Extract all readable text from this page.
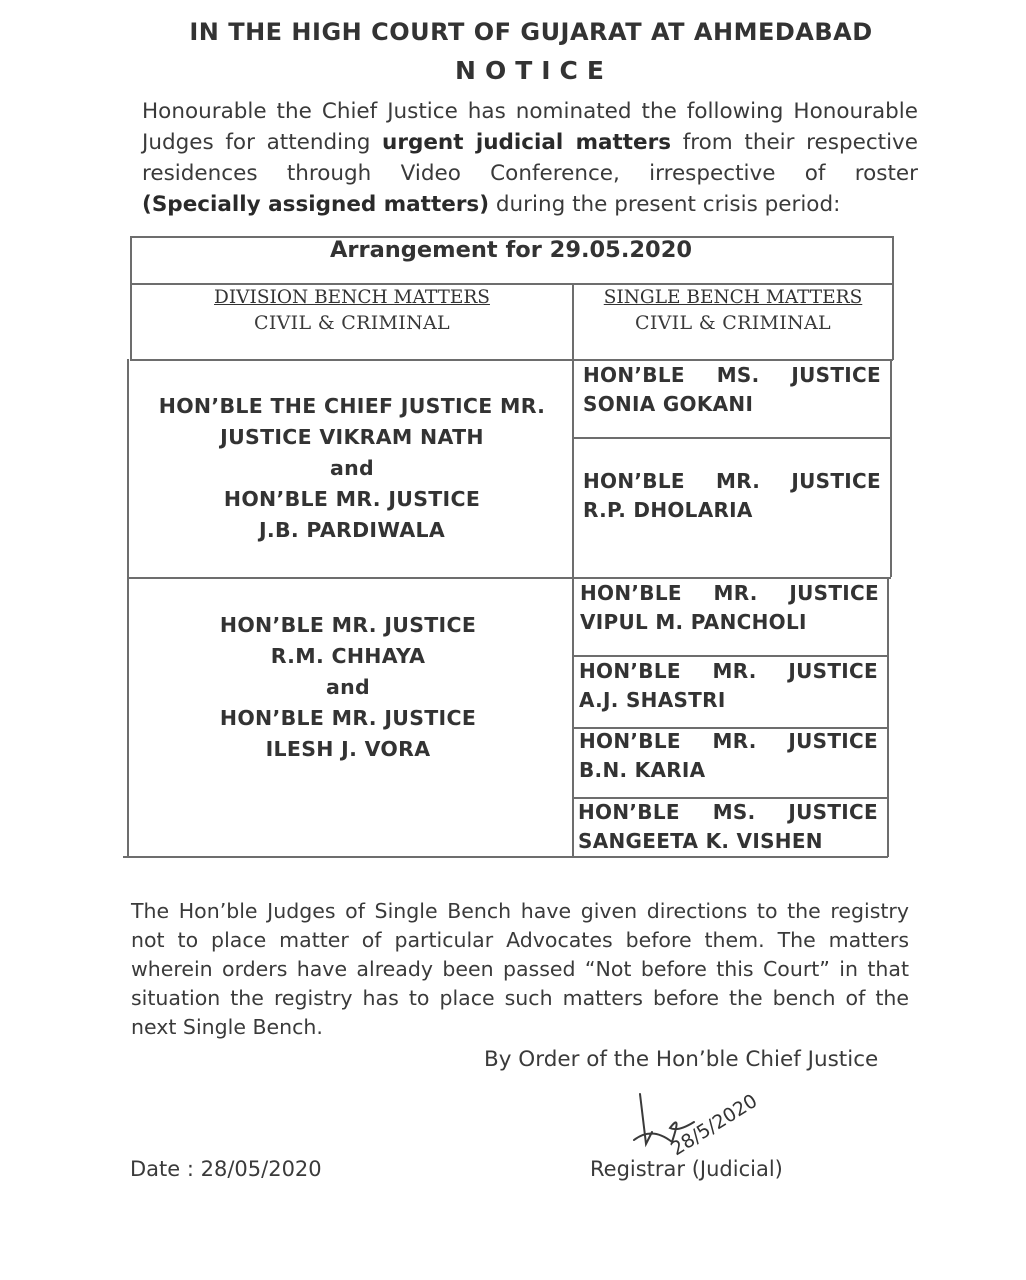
IN THE HIGH COURT OF GUJARAT AT AHMEDABAD
NOTICE
Honourable the Chief Justice has nominated the following Honourable Judges for attending urgent judicial matters from their respective residences through Video Conference, irrespective of roster
(Specially assigned matters) during the present crisis period:
Arrangement for 29.05.2020
DIVISION BENCH MATTERS
CIVIL & CRIMINAL
SINGLE BENCH MATTERS
CIVIL & CRIMINAL
HON’BLE THE CHIEF JUSTICE MR.
JUSTICE VIKRAM NATH
and
HON’BLE MR. JUSTICE
J.B. PARDIWALA
HON’BLE MR. JUSTICE
R.M. CHHAYA
and
HON’BLE MR. JUSTICE
ILESH J. VORA
HON’BLE MS. JUSTICE
SONIA GOKANI
HON’BLE MR. JUSTICE
R.P. DHOLARIA
HON’BLE MR. JUSTICE
VIPUL M. PANCHOLI
HON’BLE MR. JUSTICE
A.J. SHASTRI
HON’BLE MR. JUSTICE
B.N. KARIA
HON’BLE MS. JUSTICE
SANGEETA K. VISHEN
The Hon’ble Judges of Single Bench have given directions to the registry not to place matter of particular Advocates before them. The matters wherein orders have already been passed “Not before this Court” in that situation the registry has to place such matters before the bench of the next Single Bench.
By Order of the Hon’ble Chief Justice
28/5/2020
Date : 28/05/2020	Registrar (Judicial)
